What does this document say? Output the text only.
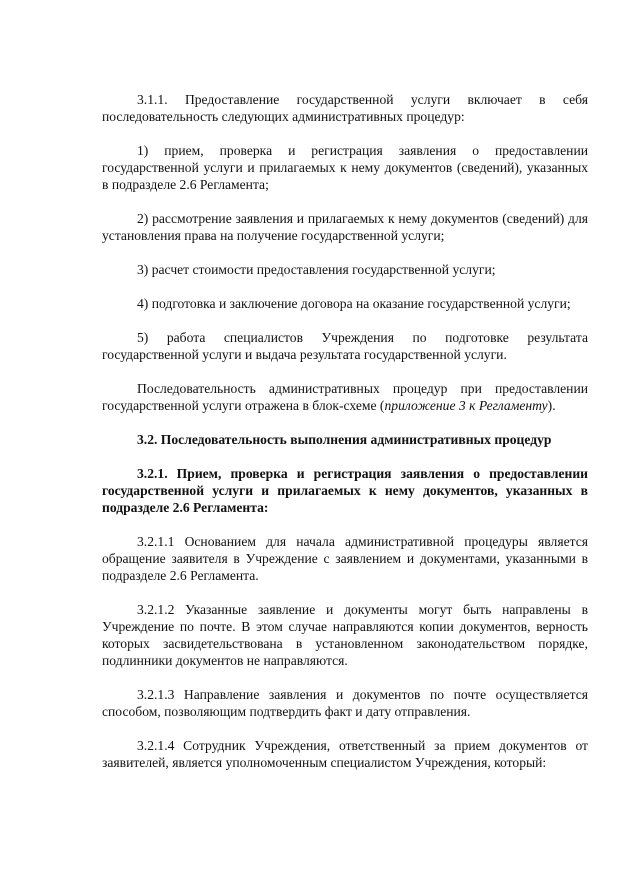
3.1.1. Предоставление государственной услуги включает в себя последовательность следующих административных процедур:

1) прием, проверка и регистрация заявления о предоставлении государственной услуги и прилагаемых к нему документов (сведений), указанных в подразделе 2.6 Регламента;

2) рассмотрение заявления и прилагаемых к нему документов (сведений) для установления права на получение государственной услуги;

3) расчет стоимости предоставления государственной услуги;

4) подготовка и заключение договора на оказание государственной услуги;

5) работа специалистов Учреждения по подготовке результата государственной услуги и выдача результата государственной услуги.

Последовательность административных процедур при предоставлении государственной услуги отражена в блок-схеме (приложение 3 к Регламенту).

3.2. Последовательность выполнения административных процедур

3.2.1. Прием, проверка и регистрация заявления о предоставлении государственной услуги и прилагаемых к нему документов, указанных в подразделе 2.6 Регламента:

3.2.1.1 Основанием для начала административной процедуры является обращение заявителя в Учреждение с заявлением и документами, указанными в подразделе 2.6 Регламента.

3.2.1.2 Указанные заявление и документы могут быть направлены в Учреждение по почте. В этом случае направляются копии документов, верность которых засвидетельствована в установленном законодательством порядке, подлинники документов не направляются.

3.2.1.3 Направление заявления и документов по почте осуществляется способом, позволяющим подтвердить факт и дату отправления.

3.2.1.4 Сотрудник Учреждения, ответственный за прием документов от заявителей, является уполномоченным специалистом Учреждения, который:
